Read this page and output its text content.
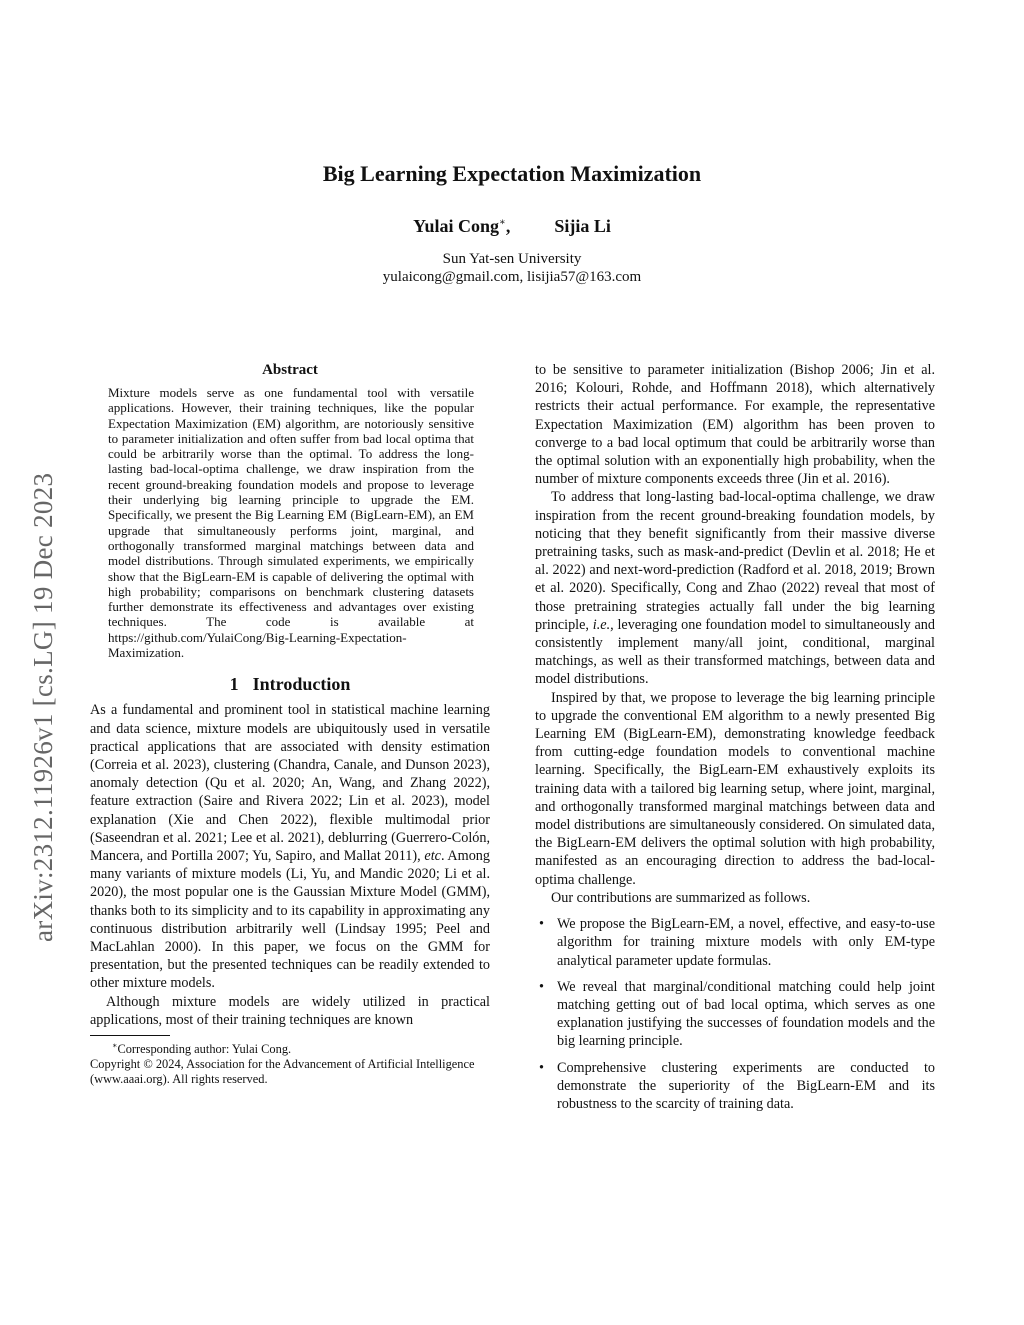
Big Learning Expectation Maximization
Yulai Cong∗, Sijia Li
Sun Yat-sen University
yulaicong@gmail.com, lisijia57@163.com
arXiv:2312.11926v1 [cs.LG] 19 Dec 2023
Abstract

Mixture models serve as one fundamental tool with versatile applications. However, their training techniques, like the popular Expectation Maximization (EM) algorithm, are notoriously sensitive to parameter initialization and often suffer from bad local optima that could be arbitrarily worse than the optimal. To address the long-lasting bad-local-optima challenge, we draw inspiration from the recent ground-breaking foundation models and propose to leverage their underlying big learning principle to upgrade the EM. Specifically, we present the Big Learning EM (BigLearn-EM), an EM upgrade that simultaneously performs joint, marginal, and orthogonally transformed marginal matchings between data and model distributions. Through simulated experiments, we empirically show that the BigLearn-EM is capable of delivering the optimal with high probability; comparisons on benchmark clustering datasets further demonstrate its effectiveness and advantages over existing techniques. The code is available at https://github.com/YulaiCong/Big-Learning-Expectation-Maximization.

1 Introduction

As a fundamental and prominent tool in statistical machine learning and data science, mixture models are ubiquitously used in versatile practical applications that are associated with density estimation (Correia et al. 2023), clustering (Chandra, Canale, and Dunson 2023), anomaly detection (Qu et al. 2020; An, Wang, and Zhang 2022), feature extraction (Saire and Rivera 2022; Lin et al. 2023), model explanation (Xie and Chen 2022), flexible multimodal prior (Saseendran et al. 2021; Lee et al. 2021), deblurring (Guerrero-Colón, Mancera, and Portilla 2007; Yu, Sapiro, and Mallat 2011), etc. Among many variants of mixture models (Li, Yu, and Mandic 2020; Li et al. 2020), the most popular one is the Gaussian Mixture Model (GMM), thanks both to its simplicity and to its capability in approximating any continuous distribution arbitrarily well (Lindsay 1995; Peel and MacLahlan 2000). In this paper, we focus on the GMM for presentation, but the presented techniques can be readily extended to other mixture models.

Although mixture models are widely utilized in practical applications, most of their training techniques are known

∗Corresponding author: Yulai Cong.
Copyright © 2024, Association for the Advancement of Artificial Intelligence (www.aaai.org). All rights reserved.

to be sensitive to parameter initialization (Bishop 2006; Jin et al. 2016; Kolouri, Rohde, and Hoffmann 2018), which alternatively restricts their actual performance. For example, the representative Expectation Maximization (EM) algorithm has been proven to converge to a bad local optimum that could be arbitrarily worse than the optimal solution with an exponentially high probability, when the number of mixture components exceeds three (Jin et al. 2016).

To address that long-lasting bad-local-optima challenge, we draw inspiration from the recent ground-breaking foundation models, by noticing that they benefit significantly from their massive diverse pretraining tasks, such as mask-and-predict (Devlin et al. 2018; He et al. 2022) and next-word-prediction (Radford et al. 2018, 2019; Brown et al. 2020). Specifically, Cong and Zhao (2022) reveal that most of those pretraining strategies actually fall under the big learning principle, i.e., leveraging one foundation model to simultaneously and consistently implement many/all joint, conditional, marginal matchings, as well as their transformed matchings, between data and model distributions.

Inspired by that, we propose to leverage the big learning principle to upgrade the conventional EM algorithm to a newly presented Big Learning EM (BigLearn-EM), demonstrating knowledge feedback from cutting-edge foundation models to conventional machine learning. Specifically, the BigLearn-EM exhaustively exploits its training data with a tailored big learning setup, where joint, marginal, and orthogonally transformed marginal matchings between data and model distributions are simultaneously considered. On simulated data, the BigLearn-EM delivers the optimal solution with high probability, manifested as an encouraging direction to address the bad-local-optima challenge.

Our contributions are summarized as follows.

• We propose the BigLearn-EM, a novel, effective, and easy-to-use algorithm for training mixture models with only EM-type analytical parameter update formulas.
• We reveal that marginal/conditional matching could help joint matching getting out of bad local optima, which serves as one explanation justifying the successes of foundation models and the big learning principle.
• Comprehensive clustering experiments are conducted to demonstrate the superiority of the BigLearn-EM and its robustness to the scarcity of training data.
